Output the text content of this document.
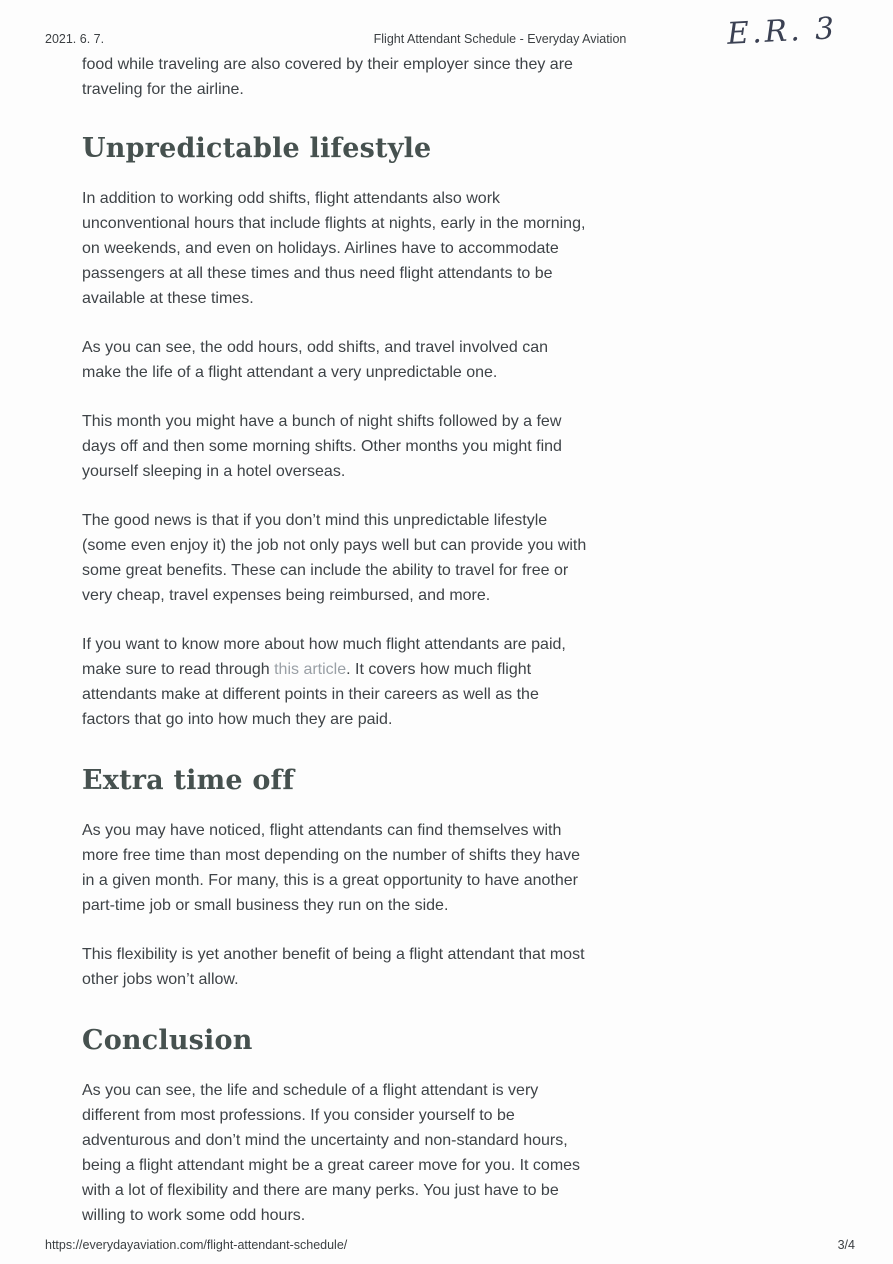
2021. 6. 7.	Flight Attendant Schedule - Everyday Aviation	E.R. 3

food while traveling are also covered by their employer since they are traveling for the airline.

Unpredictable lifestyle

In addition to working odd shifts, flight attendants also work unconventional hours that include flights at nights, early in the morning, on weekends, and even on holidays. Airlines have to accommodate passengers at all these times and thus need flight attendants to be available at these times.

As you can see, the odd hours, odd shifts, and travel involved can make the life of a flight attendant a very unpredictable one.

This month you might have a bunch of night shifts followed by a few days off and then some morning shifts. Other months you might find yourself sleeping in a hotel overseas.

The good news is that if you don’t mind this unpredictable lifestyle (some even enjoy it) the job not only pays well but can provide you with some great benefits. These can include the ability to travel for free or very cheap, travel expenses being reimbursed, and more.

If you want to know more about how much flight attendants are paid, make sure to read through this article. It covers how much flight attendants make at different points in their careers as well as the factors that go into how much they are paid.

Extra time off

As you may have noticed, flight attendants can find themselves with more free time than most depending on the number of shifts they have in a given month. For many, this is a great opportunity to have another part-time job or small business they run on the side.

This flexibility is yet another benefit of being a flight attendant that most other jobs won’t allow.

Conclusion

As you can see, the life and schedule of a flight attendant is very different from most professions. If you consider yourself to be adventurous and don’t mind the uncertainty and non-standard hours, being a flight attendant might be a great career move for you. It comes with a lot of flexibility and there are many perks. You just have to be willing to work some odd hours.

https://everydayaviation.com/flight-attendant-schedule/	3/4
